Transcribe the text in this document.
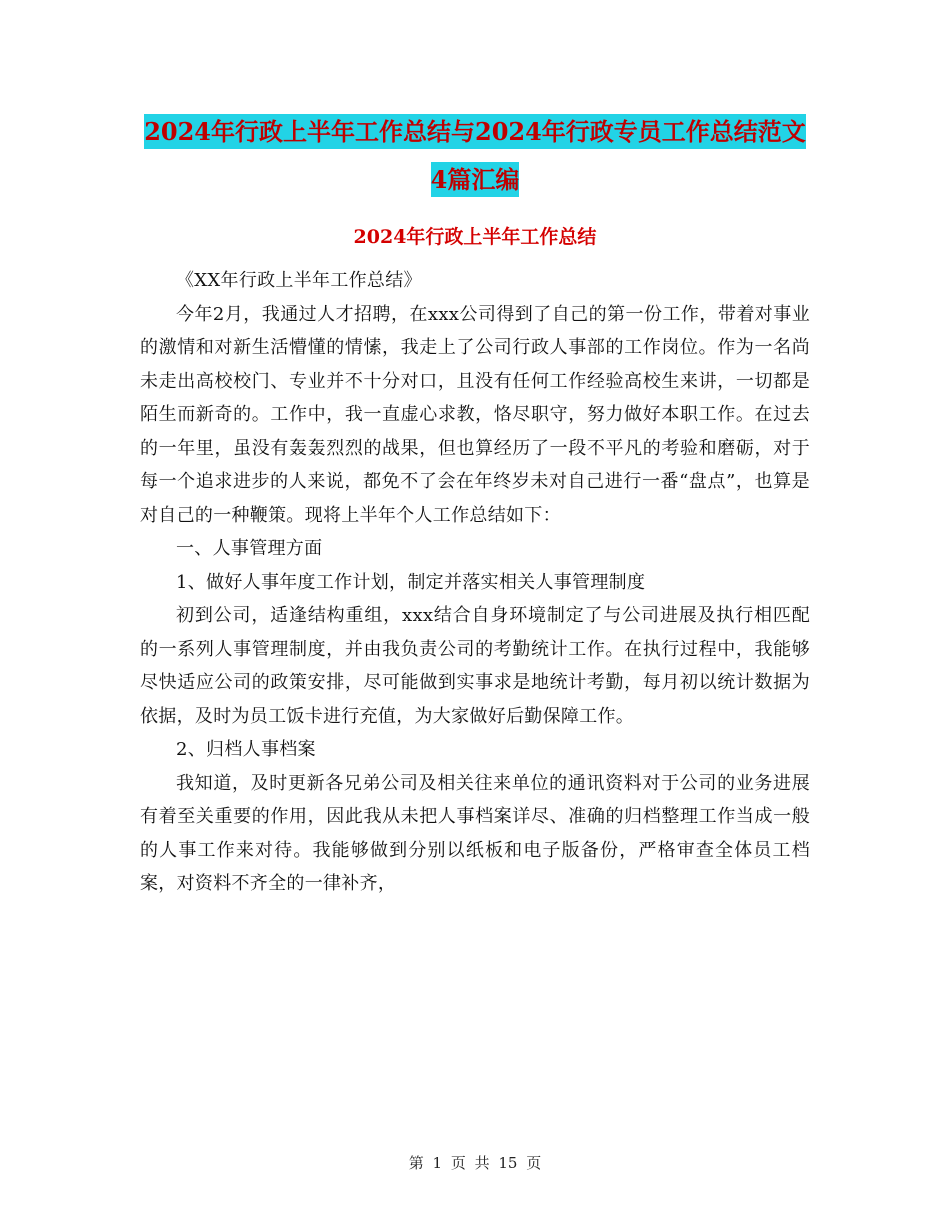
2024年行政上半年工作总结与2024年行政专员工作总结范文4篇汇编
2024年行政上半年工作总结

《XX年行政上半年工作总结》

今年2月，我通过人才招聘，在xxx公司得到了自己的第一份工作，带着对事业的激情和对新生活懵懂的情愫，我走上了公司行政人事部的工作岗位。作为一名尚未走出高校校门、专业并不十分对口，且没有任何工作经验高校生来讲，一切都是陌生而新奇的。工作中，我一直虚心求教，恪尽职守，努力做好本职工作。在过去的一年里，虽没有轰轰烈烈的战果，但也算经历了一段不平凡的考验和磨砺，对于每一个追求进步的人来说，都免不了会在年终岁未对自己进行一番“盘点”，也算是对自己的一种鞭策。现将上半年个人工作总结如下：

一、人事管理方面

1、做好人事年度工作计划，制定并落实相关人事管理制度

初到公司，适逢结构重组，xxx结合自身环境制定了与公司进展及执行相匹配的一系列人事管理制度，并由我负责公司的考勤统计工作。在执行过程中，我能够尽快适应公司的政策安排，尽可能做到实事求是地统计考勤，每月初以统计数据为依据，及时为员工饭卡进行充值，为大家做好后勤保障工作。

2、归档人事档案

我知道，及时更新各兄弟公司及相关往来单位的通讯资料对于公司的业务进展有着至关重要的作用，因此我从未把人事档案详尽、准确的归档整理工作当成一般的人事工作来对待。我能够做到分别以纸板和电子版备份，严格审查全体员工档案，对资料不齐全的一律补齐，

第 1 页 共 15 页
